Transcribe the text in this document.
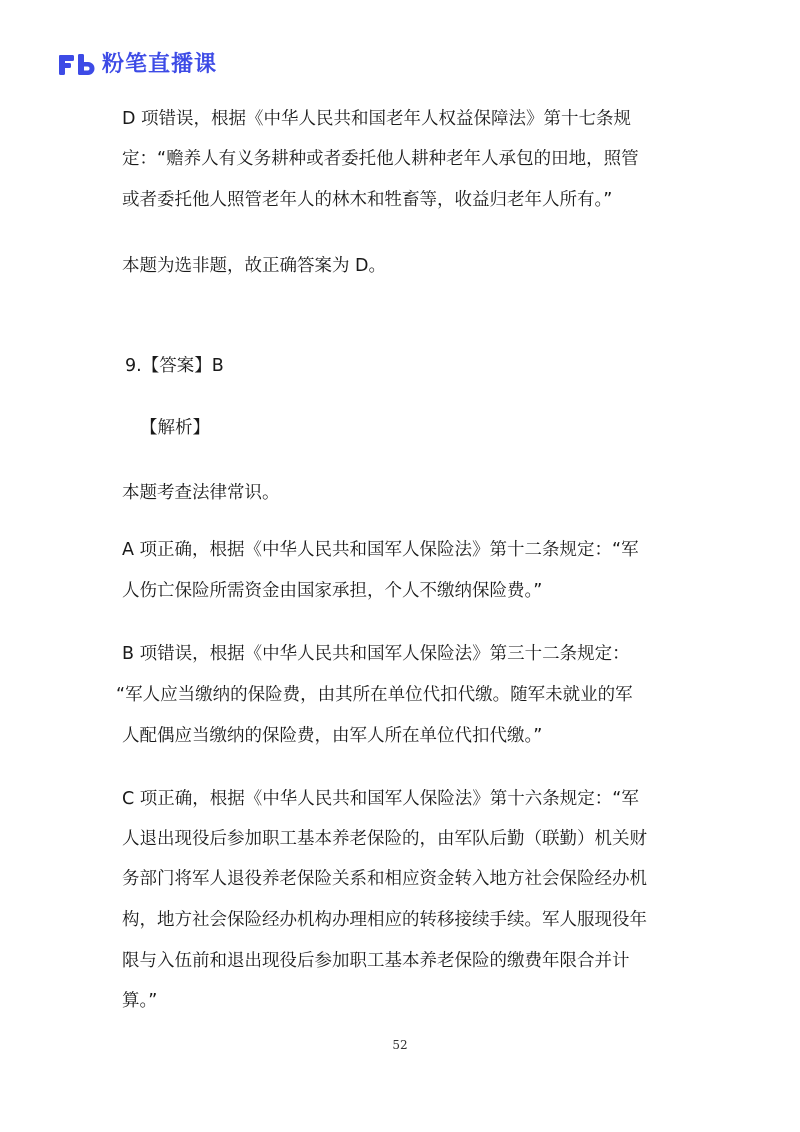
粉笔直播课
D 项错误，根据《中华人民共和国老年人权益保障法》第十七条规
定：“赡养人有义务耕种或者委托他人耕种老年人承包的田地，照管
或者委托他人照管老年人的林木和牲畜等，收益归老年人所有。”
本题为选非题，故正确答案为 D。
9.【答案】B
【解析】
本题考查法律常识。
A 项正确，根据《中华人民共和国军人保险法》第十二条规定：“军
人伤亡保险所需资金由国家承担，个人不缴纳保险费。”
B 项错误，根据《中华人民共和国军人保险法》第三十二条规定：
“军人应当缴纳的保险费，由其所在单位代扣代缴。随军未就业的军
人配偶应当缴纳的保险费，由军人所在单位代扣代缴。”
C 项正确，根据《中华人民共和国军人保险法》第十六条规定：“军
人退出现役后参加职工基本养老保险的，由军队后勤（联勤）机关财
务部门将军人退役养老保险关系和相应资金转入地方社会保险经办机
构，地方社会保险经办机构办理相应的转移接续手续。军人服现役年
限与入伍前和退出现役后参加职工基本养老保险的缴费年限合并计
算。”
52
